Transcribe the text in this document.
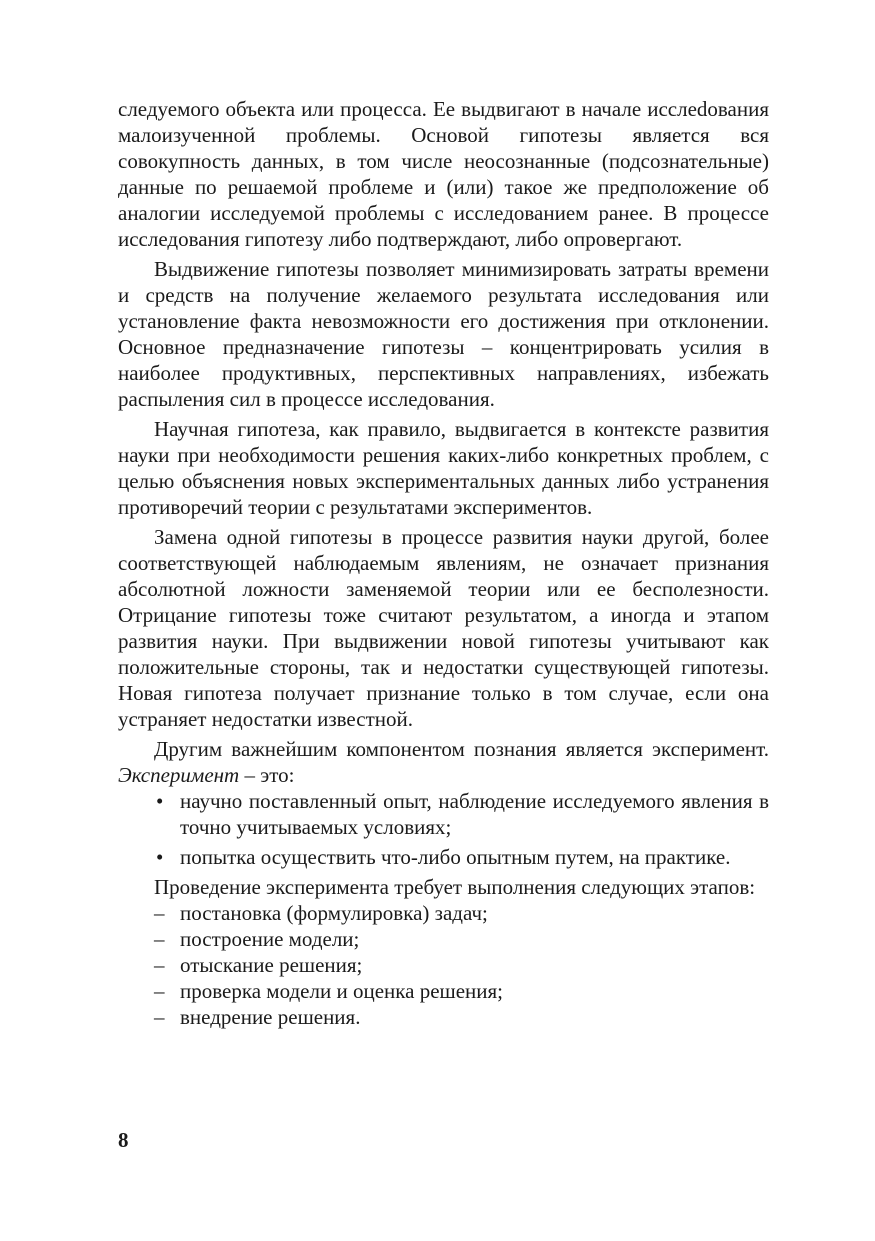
следуемого объекта или процесса. Ее выдвигают в начале исслеdования малоизученной проблемы. Основой гипотезы является вся совокупность данных, в том числе неосознанные (подсознательные) данные по решаемой проблеме и (или) такое же предположение об аналогии исследуемой проблемы с исследованием ранее. В процессе исследования гипотезу либо подтверждают, либо опровергают.

Выдвижение гипотезы позволяет минимизировать затраты времени и средств на получение желаемого результата исследования или установление факта невозможности его достижения при отклонении. Основное предназначение гипотезы – концентрировать усилия в наиболее продуктивных, перспективных направлениях, избежать распыления сил в процессе исследования.

Научная гипотеза, как правило, выдвигается в контексте развития науки при необходимости решения каких-либо конкретных проблем, с целью объяснения новых экспериментальных данных либо устранения противоречий теории с результатами экспериментов.

Замена одной гипотезы в процессе развития науки другой, более соответствующей наблюдаемым явлениям, не означает признания абсолютной ложности заменяемой теории или ее бесполезности. Отрицание гипотезы тоже считают результатом, а иногда и этапом развития науки. При выдвижении новой гипотезы учитывают как положительные стороны, так и недостатки существующей гипотезы. Новая гипотеза получает признание только в том случае, если она устраняет недостатки известной.

Другим важнейшим компонентом познания является эксперимент. Эксперимент – это:

• научно поставленный опыт, наблюдение исследуемого явления в точно учитываемых условиях;
• попытка осуществить что-либо опытным путем, на практике.

Проведение эксперимента требует выполнения следующих этапов:

– постановка (формулировка) задач;
– построение модели;
– отыскание решения;
– проверка модели и оценка решения;
– внедрение решения.
8
